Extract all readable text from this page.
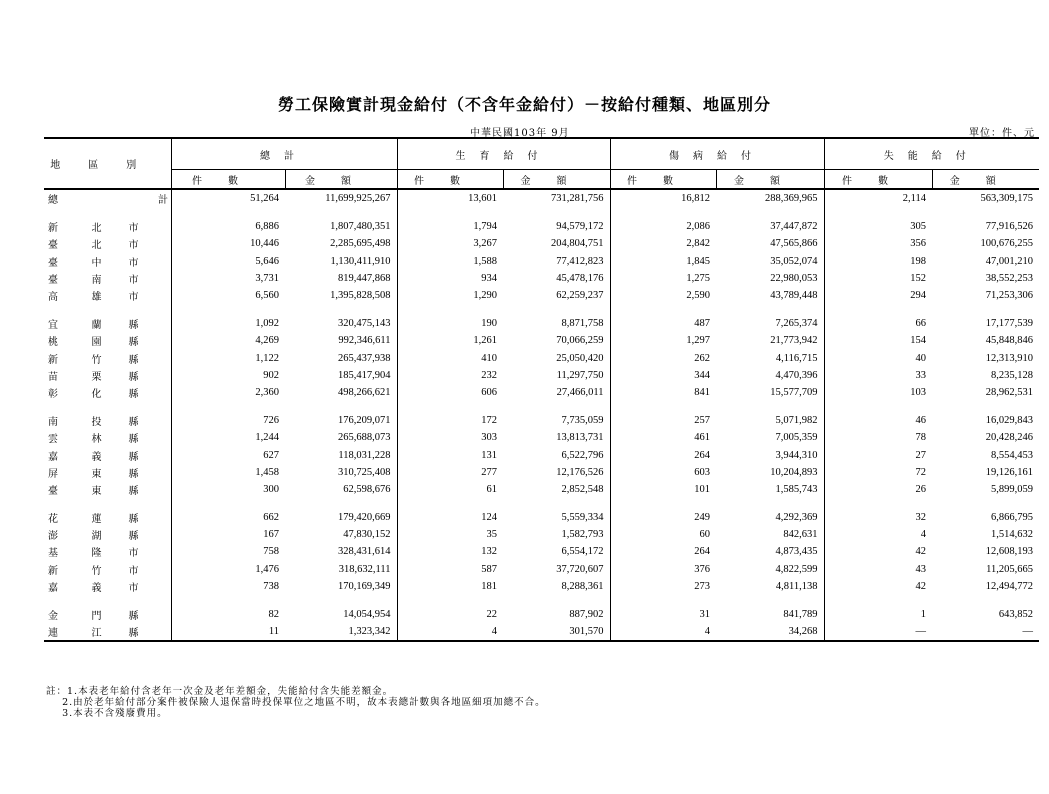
勞工保險實計現金給付（不含年金給付）－按給付種類、地區別分
中華民國103年 9月	單位：件、元
地區別	總計		生育給付		傷病給付		失能給付	
	件數	金額	件數	金額	件數	金額	件數	金額
總 計	51,264	11,699,925,267	13,601	731,281,756	16,812	288,369,965	2,114	563,309,175

新 北 市	6,886	1,807,480,351	1,794	94,579,172	2,086	37,447,872	305	77,916,526
臺 北 市	10,446	2,285,695,498	3,267	204,804,751	2,842	47,565,866	356	100,676,255
臺 中 市	5,646	1,130,411,910	1,588	77,412,823	1,845	35,052,074	198	47,001,210
臺 南 市	3,731	819,447,868	934	45,478,176	1,275	22,980,053	152	38,552,253
高 雄 市	6,560	1,395,828,508	1,290	62,259,237	2,590	43,789,448	294	71,253,306

宜 蘭 縣	1,092	320,475,143	190	8,871,758	487	7,265,374	66	17,177,539
桃 園 縣	4,269	992,346,611	1,261	70,066,259	1,297	21,773,942	154	45,848,846
新 竹 縣	1,122	265,437,938	410	25,050,420	262	4,116,715	40	12,313,910
苗 栗 縣	902	185,417,904	232	11,297,750	344	4,470,396	33	8,235,128
彰 化 縣	2,360	498,266,621	606	27,466,011	841	15,577,709	103	28,962,531

南 投 縣	726	176,209,071	172	7,735,059	257	5,071,982	46	16,029,843
雲 林 縣	1,244	265,688,073	303	13,813,731	461	7,005,359	78	20,428,246
嘉 義 縣	627	118,031,228	131	6,522,796	264	3,944,310	27	8,554,453
屏 東 縣	1,458	310,725,408	277	12,176,526	603	10,204,893	72	19,126,161
臺 東 縣	300	62,598,676	61	2,852,548	101	1,585,743	26	5,899,059

花 蓮 縣	662	179,420,669	124	5,559,334	249	4,292,369	32	6,866,795
澎 湖 縣	167	47,830,152	35	1,582,793	60	842,631	4	1,514,632
基 隆 市	758	328,431,614	132	6,554,172	264	4,873,435	42	12,608,193
新 竹 市	1,476	318,632,111	587	37,720,607	376	4,822,599	43	11,205,665
嘉 義 市	738	170,169,349	181	8,288,361	273	4,811,138	42	12,494,772

金 門 縣	82	14,054,954	22	887,902	31	841,789	1	643,852
連 江 縣	11	1,323,342	4	301,570	4	34,268	—	—
註：1.本表老年給付含老年一次金及老年差額金，失能給付含失能差額金。
2.由於老年給付部分案件被保險人退保當時投保單位之地區不明，故本表總計數與各地區細項加總不合。
3.本表不含殘廢費用。
